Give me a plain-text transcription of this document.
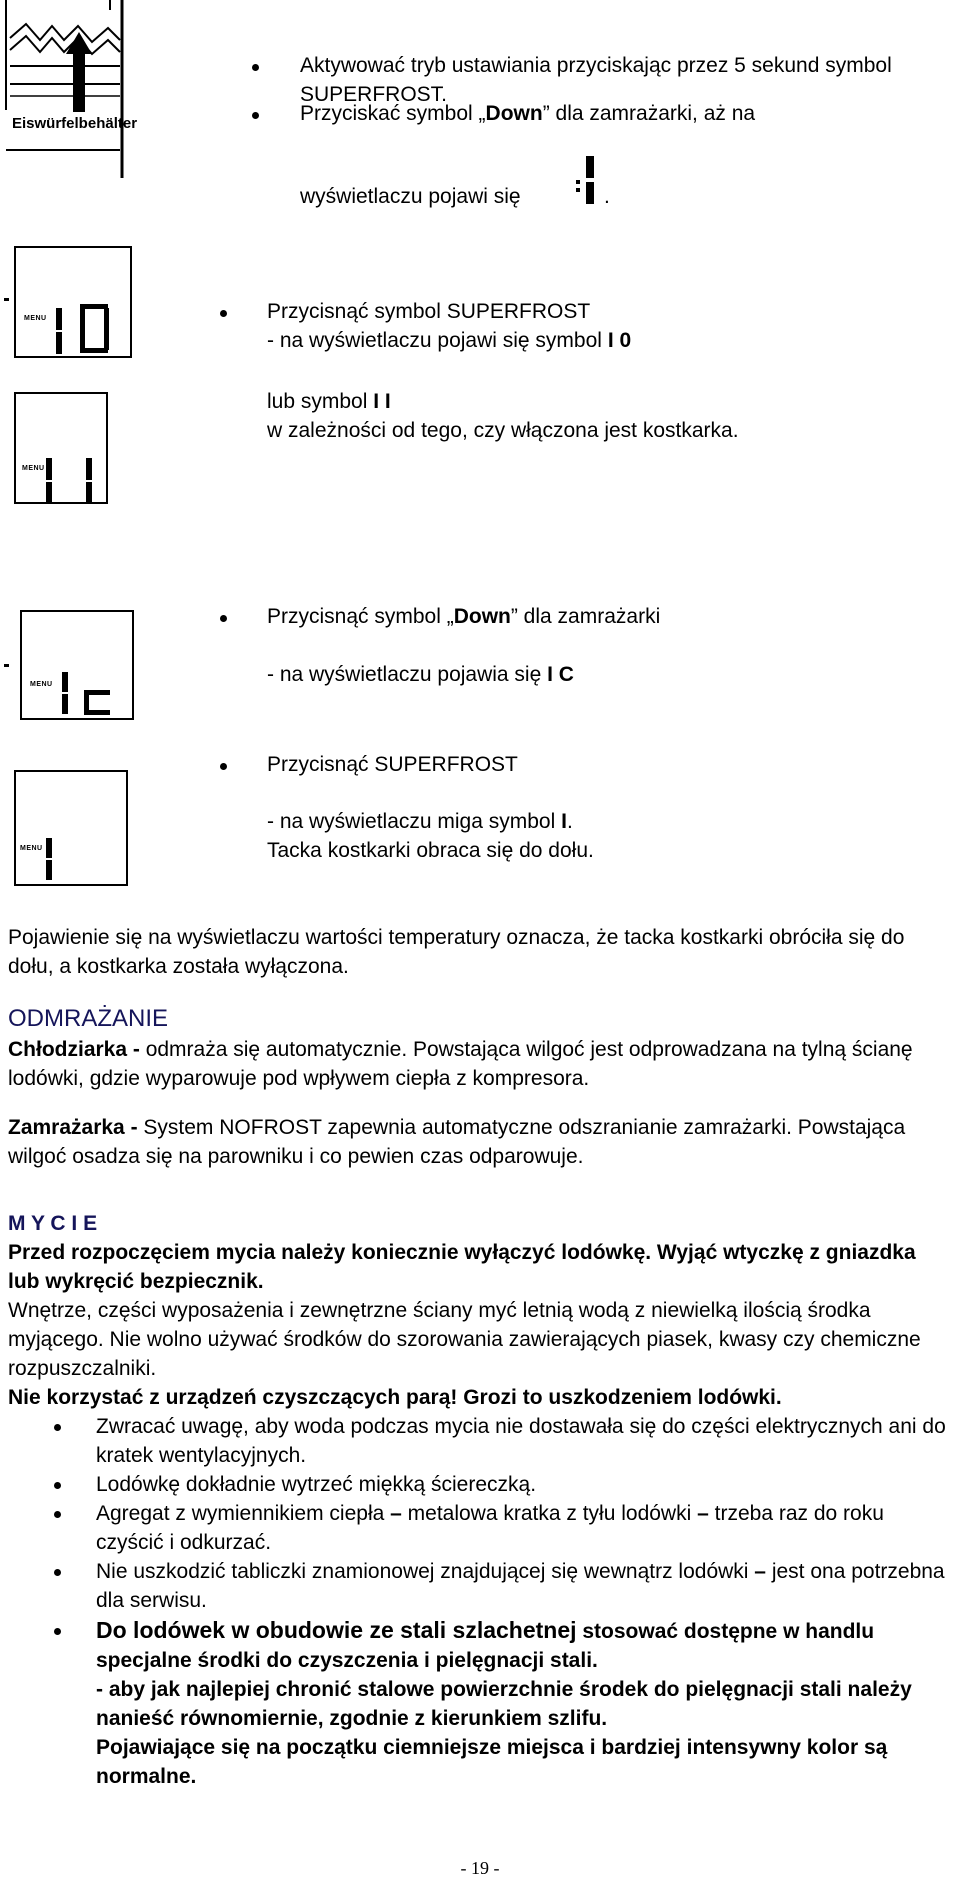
Eiswürfelbehälter

Aktywować tryb ustawiania przyciskając przez 5 sekund symbol SUPERFROST.

Przyciskać symbol „Down” dla zamrażarki, aż na

wyświetlaczu pojawi się	.

MENU
MENU

Przycisnąć symbol SUPERFROST

- na wyświetlaczu pojawi się symbol I 0

lub symbol I I

w zależności od tego, czy włączona jest kostkarka.

MENU

Przycisnąć symbol „Down” dla zamrażarki

- na wyświetlaczu pojawia się I C

MENU

Przycisnąć SUPERFROST

- na wyświetlaczu miga symbol I.

Tacka kostkarki obraca się do dołu.

Pojawienie się na wyświetlaczu wartości temperatury oznacza, że tacka kostkarki obróciła się do dołu, a kostkarka została wyłączona.

ODMRAŻANIE

Chłodziarka - odmraża się automatycznie. Powstająca wilgoć jest odprowadzana na tylną ścianę lodówki, gdzie wyparowuje pod wpływem ciepła z kompresora.

Zamrażarka - System NOFROST zapewnia automatyczne odszranianie zamrażarki. Powstająca wilgoć osadza się na parowniku i co pewien czas odparowuje.

M Y C I E

Przed rozpoczęciem mycia należy koniecznie wyłączyć lodówkę. Wyjąć wtyczkę z gniazdka lub wykręcić bezpiecznik.

Wnętrze, części wyposażenia i zewnętrzne ściany myć letnią wodą z niewielką ilością środka myjącego. Nie wolno używać środków do szorowania zawierających piasek, kwasy czy chemiczne rozpuszczalniki.

Nie korzystać z urządzeń czyszczących parą! Grozi to uszkodzeniem lodówki.

Zwracać uwagę, aby woda podczas mycia nie dostawała się do części elektrycznych ani do kratek wentylacyjnych.
Lodówkę dokładnie wytrzeć miękką ściereczką.
Agregat z wymiennikiem ciepła – metalowa kratka z tyłu lodówki – trzeba raz do roku czyścić i odkurzać.
Nie uszkodzić tabliczki znamionowej znajdującej się wewnątrz lodówki – jest ona potrzebna dla serwisu.
Do lodówek w obudowie ze stali szlachetnej stosować dostępne w handlu specjalne środki do czyszczenia i pielęgnacji stali.

- aby jak najlepiej chronić stalowe powierzchnie środek do pielęgnacji stali należy nanieść równomiernie, zgodnie z kierunkiem szlifu.

Pojawiające się na początku ciemniejsze miejsca i bardziej intensywny kolor są normalne.

- 19 -
